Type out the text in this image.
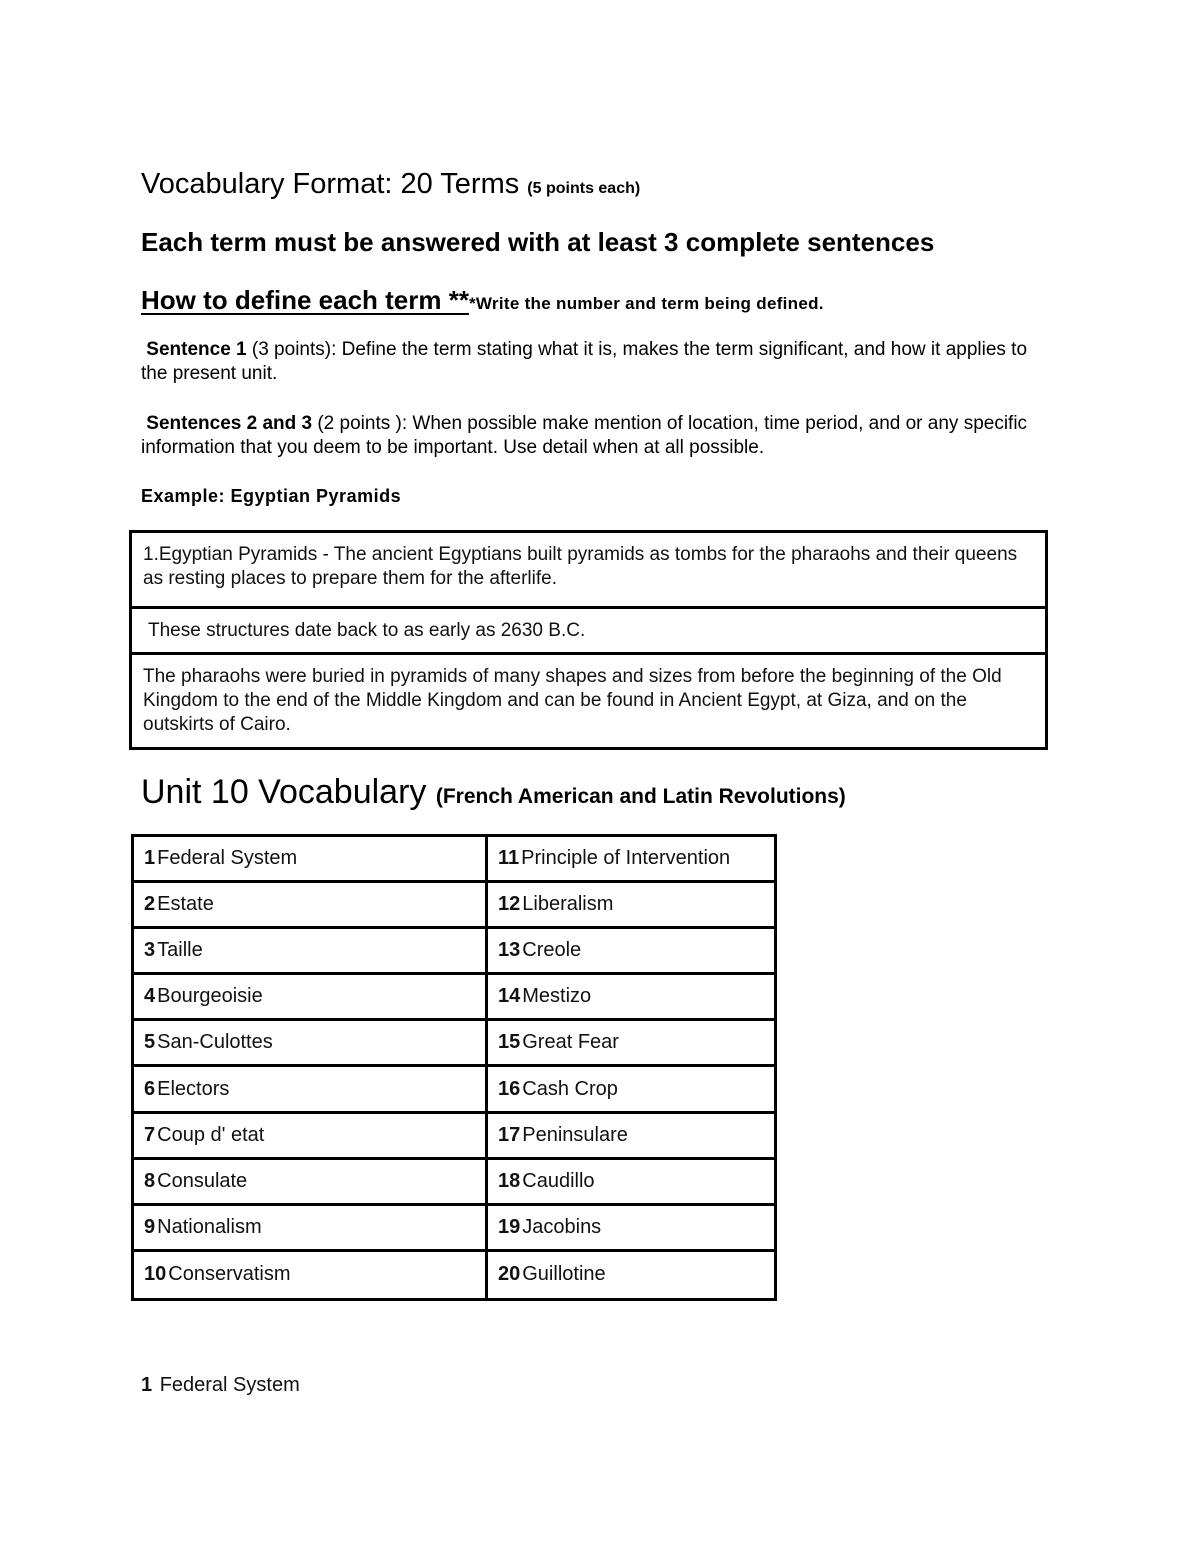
Vocabulary Format: 20 Terms (5 points each)
Each term must be answered with at least 3 complete sentences
How to define each term ***Write the number and term being defined.
Sentence 1 (3 points): Define the term stating what it is, makes the term significant, and how it applies to the present unit.
Sentences 2 and 3 (2 points ): When possible make mention of location, time period, and or any specific information that you deem to be important. Use detail when at all possible.
Example: Egyptian Pyramids
1.Egyptian Pyramids - The ancient Egyptians built pyramids as tombs for the pharaohs and their queens as resting places to prepare them for the afterlife.
These structures date back to as early as 2630 B.C.
The pharaohs were buried in pyramids of many shapes and sizes from before the beginning of the Old Kingdom to the end of the Middle Kingdom and can be found in Ancient Egypt, at Giza, and on the outskirts of Cairo.
Unit 10 Vocabulary (French American and Latin Revolutions)
1 Federal System	11 Principle of Intervention
2 Estate	12 Liberalism
3 Taille	13 Creole
4 Bourgeoisie	14 Mestizo
5 San-Culottes	15 Great Fear
6 Electors	16 Cash Crop
7 Coup d' etat	17 Peninsulare
8 Consulate	18 Caudillo
9 Nationalism	19 Jacobins
10 Conservatism	20 Guillotine
1 Federal System
